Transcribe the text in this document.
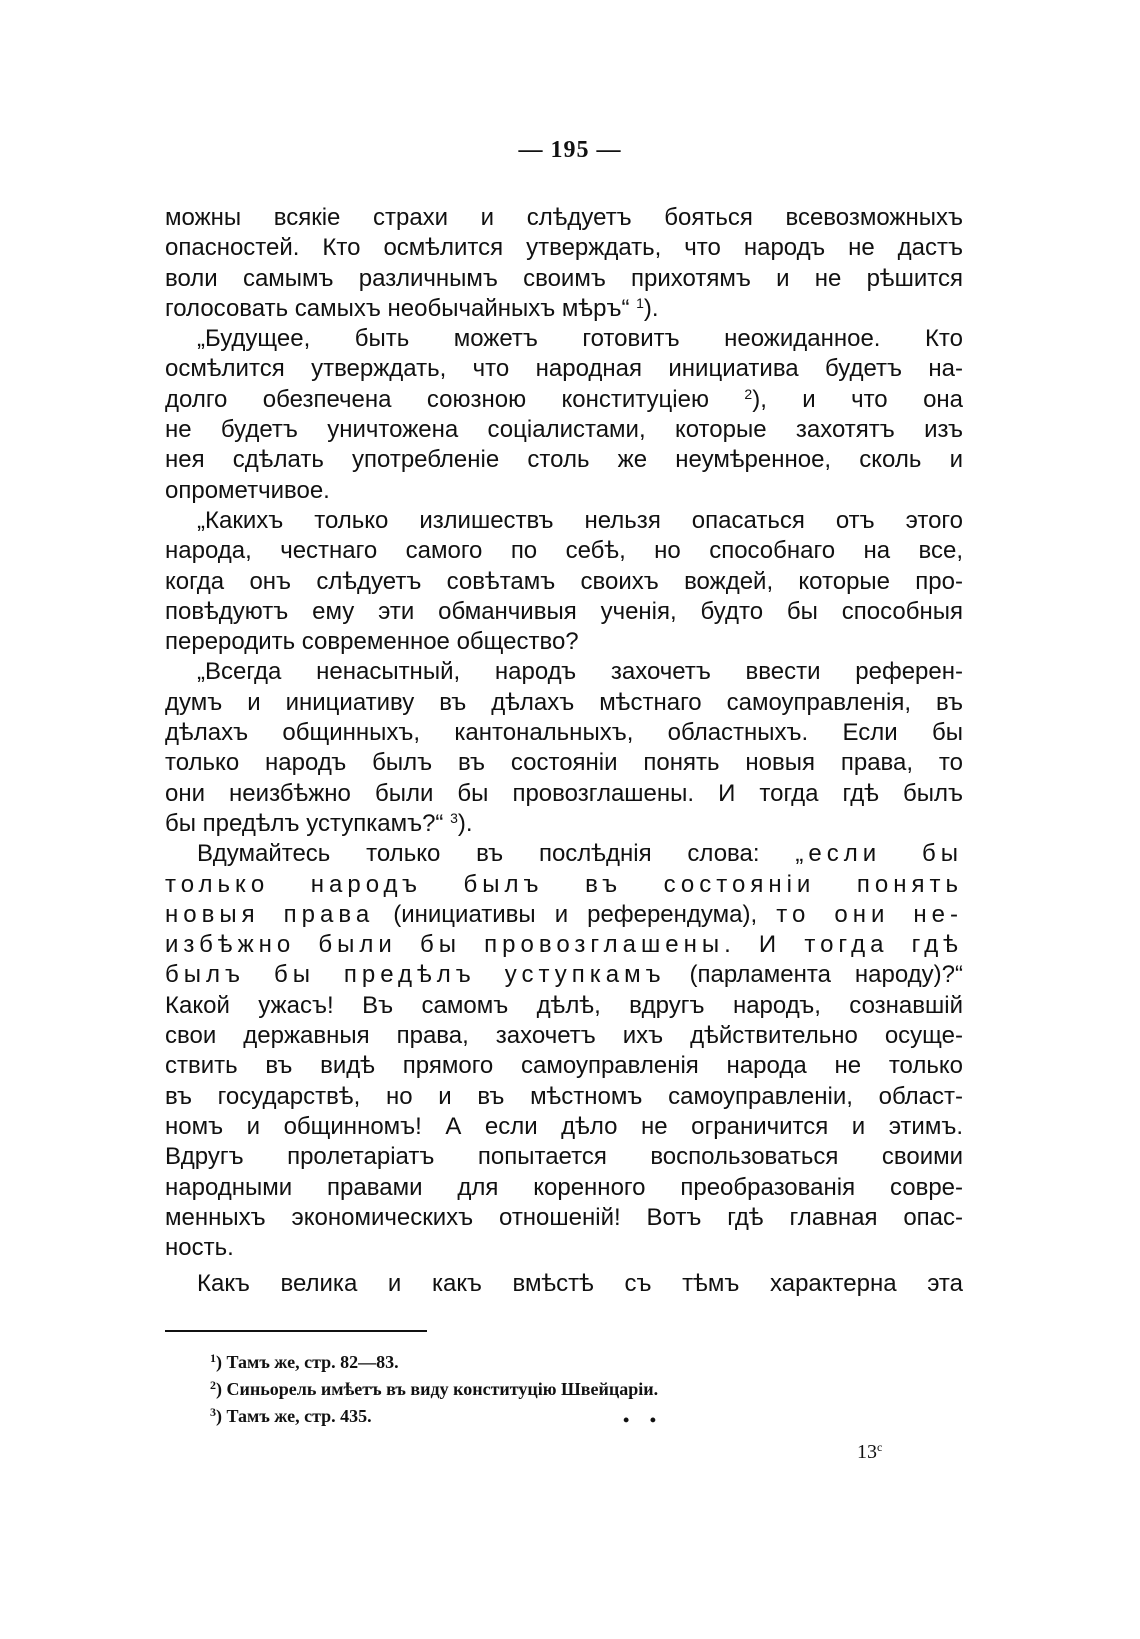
— 195 —
можны всякiе страхи и слѣдуетъ бояться всевозможныхъ
опасностей. Кто осмѣлится утверждать, что народъ не дастъ
воли самымъ различнымъ своимъ прихотямъ и не рѣшится
голосовать самыхъ необычайныхъ мѣръ“ $^1$).
„Будущее, быть можетъ готовитъ неожиданное. Кто
осмѣлится утверждать, что народная инициатива будетъ на-
долго обезпечена союзною конституцiею	$^2$), и что она
не будетъ уничтожена соцiалистами, которые захотятъ изъ
нея сдѣлать употребленiе столь же неумѣренное, сколь и
опрометчивое.
„Какихъ только излишествъ нельзя опасаться отъ этого
народа, честнаго самого по себѣ, но способнаго на все,
когда онъ слѣдуетъ совѣтамъ своихъ вождей, которые про-
повѣдуютъ ему эти обманчивыя ученiя, будто бы способныя
переродить современное общество?
„Всегда ненасытный, народъ захочетъ ввести референ-
думъ и инициативу въ дѣлахъ мѣстнаго самоуправленiя, въ
дѣлахъ общинныхъ, кантональныхъ, областныхъ. Если бы
только народъ былъ въ состоянiи понять новыя права, то
они неизбѣжно были бы провозглашены. И тогда гдѣ былъ
бы предѣлъ уступкамъ?“ $^3$).
Вдумайтесь только въ послѣднiя слова: „если бы
только народъ былъ въ состоянiи понять
новыя права (инициативы и референдума), то они не-
избѣжно были бы провозглашены. И тогда гдѣ
былъ бы предѣлъ уступкамъ (парламента народу)?“
Какой ужасъ! Въ самомъ дѣлѣ, вдругъ народъ, сознавшiй
свои державныя права, захочетъ ихъ дѣйствительно осуще-
ствить въ видѣ прямого самоуправленiя народа не только
въ государствѣ, но и въ мѣстномъ самоуправленiи, област-
номъ и общинномъ! А если дѣло не ограничится и этимъ.
Вдругъ пролетарiатъ попытается воспользоваться своими
народными правами для коренного преобразованiя совре-
менныхъ экономическихъ отношенiй! Вотъ гдѣ главная опас-
ность.
Какъ велика и какъ вмѣстѣ съ тѣмъ характерна эта
$^1$) Тамъ же, стр. 82—83.
$^2$) Синьорель имѣетъ въ виду конституцiю Швейцарiи.
$^3$) Тамъ же, стр. 435.	• •
$13^с$
